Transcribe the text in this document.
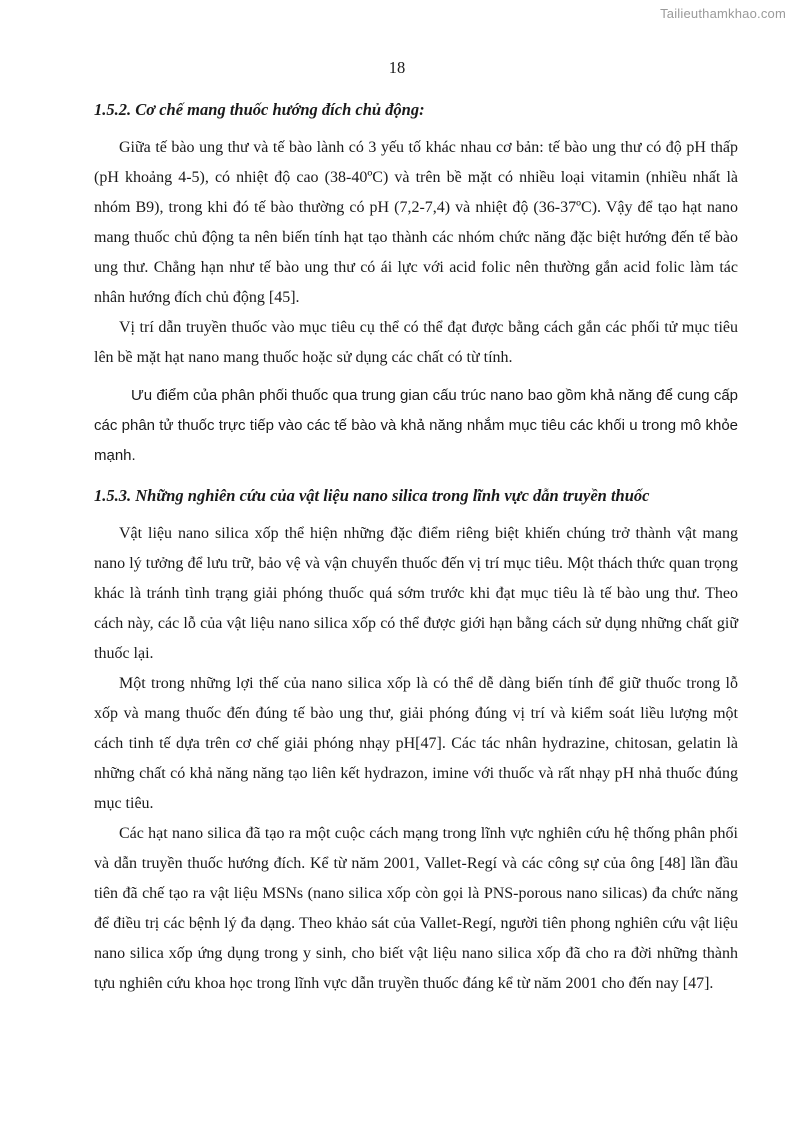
Tailieuthamkhao.com
18

1.5.2. Cơ chế mang thuốc hướng đích chủ động:

Giữa tế bào ung thư và tế bào lành có 3 yếu tố khác nhau cơ bản: tế bào ung thư có độ pH thấp (pH khoảng 4-5), có nhiệt độ cao (38-40ºC) và trên bề mặt có nhiều loại vitamin (nhiều nhất là nhóm B9), trong khi đó tế bào thường có pH (7,2-7,4) và nhiệt độ (36-37ºC). Vậy để tạo hạt nano mang thuốc chủ động ta nên biến tính hạt tạo thành các nhóm chức năng đặc biệt hướng đến tế bào ung thư. Chẳng hạn như tế bào ung thư có ái lực với acid folic nên thường gắn acid folic làm tác nhân hướng đích chủ động [45].

Vị trí dẫn truyền thuốc vào mục tiêu cụ thể có thể đạt được bằng cách gắn các phối tử mục tiêu lên bề mặt hạt nano mang thuốc hoặc sử dụng các chất có từ tính.

Ưu điểm của phân phối thuốc qua trung gian cấu trúc nano bao gồm khả năng để cung cấp các phân tử thuốc trực tiếp vào các tế bào và khả năng nhắm mục tiêu các khối u trong mô khỏe mạnh.

1.5.3. Những nghiên cứu của vật liệu nano silica trong lĩnh vực dẫn truyền thuốc

Vật liệu nano silica xốp thể hiện những đặc điểm riêng biệt khiến chúng trở thành vật mang nano lý tưởng để lưu trữ, bảo vệ và vận chuyển thuốc đến vị trí mục tiêu. Một thách thức quan trọng khác là tránh tình trạng giải phóng thuốc quá sớm trước khi đạt mục tiêu là tế bào ung thư. Theo cách này, các lỗ của vật liệu nano silica xốp có thể được giới hạn bằng cách sử dụng những chất giữ thuốc lại.

Một trong những lợi thế của nano silica xốp là có thể dễ dàng biến tính để giữ thuốc trong lỗ xốp và mang thuốc đến đúng tế bào ung thư, giải phóng đúng vị trí và kiểm soát liều lượng một cách tinh tế dựa trên cơ chế giải phóng nhạy pH[47]. Các tác nhân hydrazine, chitosan, gelatin là những chất có khả năng năng tạo liên kết hydrazon, imine với thuốc và rất nhạy pH nhả thuốc đúng mục tiêu.

Các hạt nano silica đã tạo ra một cuộc cách mạng trong lĩnh vực nghiên cứu hệ thống phân phối và dẫn truyền thuốc hướng đích. Kể từ năm 2001, Vallet-Regí và các công sự của ông [48] lần đầu tiên đã chế tạo ra vật liệu MSNs (nano silica xốp còn gọi là PNS-porous nano silicas) đa chức năng để điều trị các bệnh lý đa dạng. Theo khảo sát của Vallet-Regí, người tiên phong nghiên cứu vật liệu nano silica xốp ứng dụng trong y sinh, cho biết vật liệu nano silica xốp đã cho ra đời những thành tựu nghiên cứu khoa học trong lĩnh vực dẫn truyền thuốc đáng kể từ năm 2001 cho đến nay [47].
